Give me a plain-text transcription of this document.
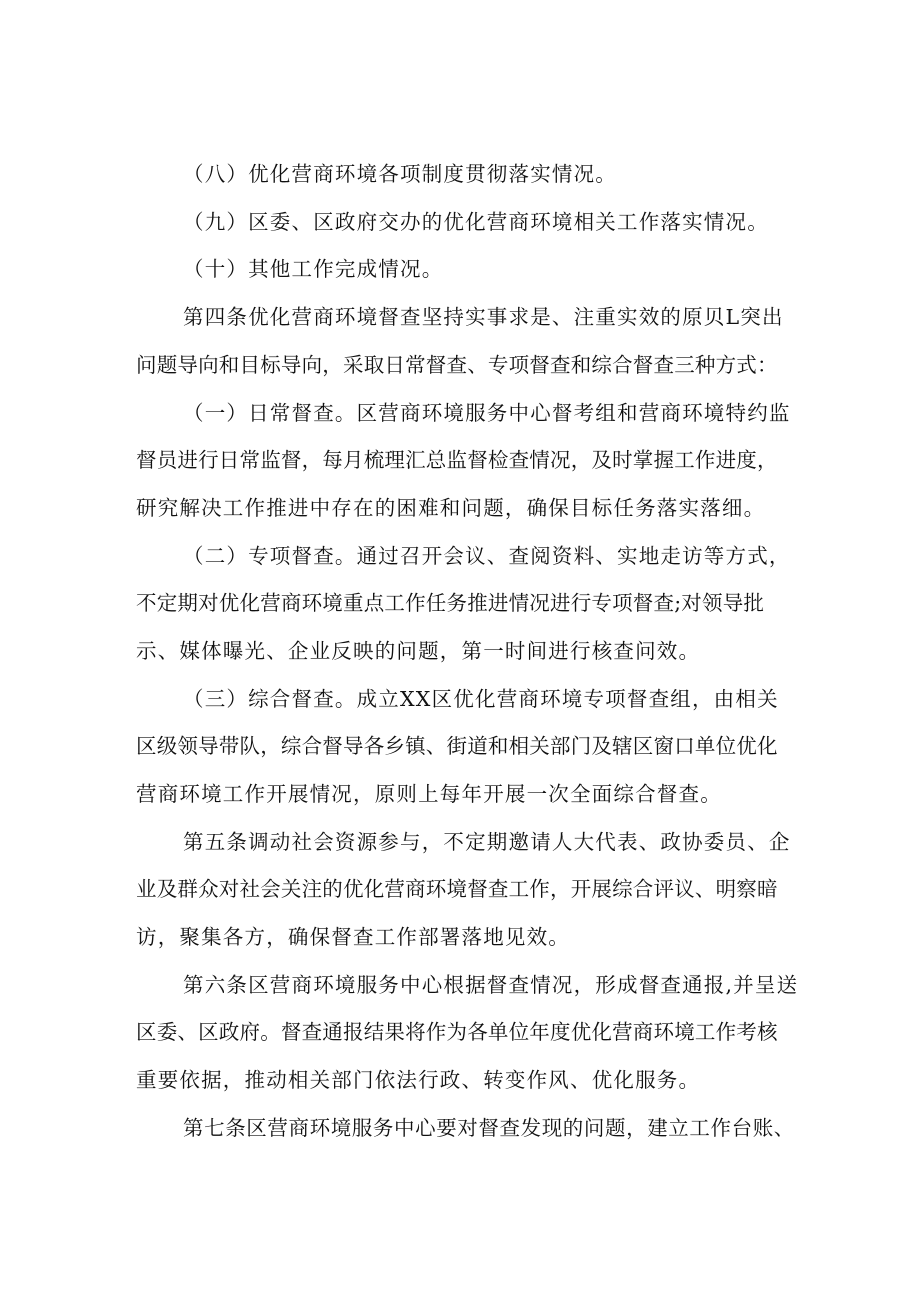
（八）优化营商环境各项制度贯彻落实情况。
（九）区委、区政府交办的优化营商环境相关工作落实情况。
（十）其他工作完成情况。
第四条优化营商环境督查坚持实事求是、注重实效的原贝L突出
问题导向和目标导向，采取日常督查、专项督查和综合督查三种方式：
（一）日常督查。区营商环境服务中心督考组和营商环境特约监
督员进行日常监督，每月梳理汇总监督检查情况，及时掌握工作进度，
研究解决工作推进中存在的困难和问题，确保目标任务落实落细。
（二）专项督查。通过召开会议、查阅资料、实地走访等方式，
不定期对优化营商环境重点工作任务推进情况进行专项督查;对领导批
示、媒体曝光、企业反映的问题，第一时间进行核查问效。
（三）综合督查。成立XX区优化营商环境专项督查组，由相关
区级领导带队，综合督导各乡镇、街道和相关部门及辖区窗口单位优化
营商环境工作开展情况，原则上每年开展一次全面综合督查。
第五条调动社会资源参与，不定期邀请人大代表、政协委员、企
业及群众对社会关注的优化营商环境督查工作，开展综合评议、明察暗
访，聚集各方，确保督查工作部署落地见效。
第六条区营商环境服务中心根据督查情况，形成督查通报,并呈送
区委、区政府。督查通报结果将作为各单位年度优化营商环境工作考核
重要依据，推动相关部门依法行政、转变作风、优化服务。
第七条区营商环境服务中心要对督查发现的问题，建立工作台账、
